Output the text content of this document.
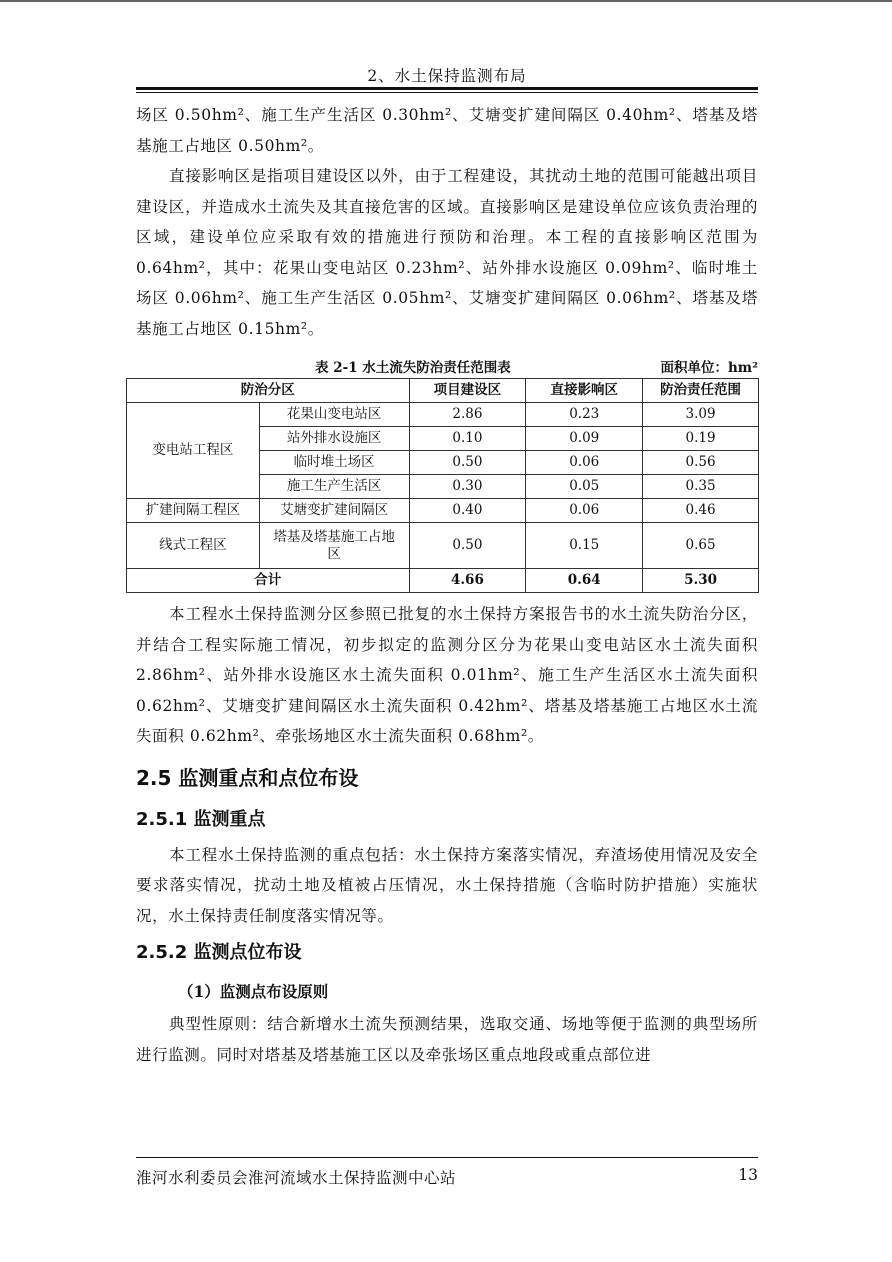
2、水土保持监测布局

场区 0.50hm²、施工生产生活区 0.30hm²、艾塘变扩建间隔区 0.40hm²、塔基及塔基施工占地区 0.50hm²。

直接影响区是指项目建设区以外，由于工程建设，其扰动土地的范围可能越出项目建设区，并造成水土流失及其直接危害的区域。直接影响区是建设单位应该负责治理的区域，建设单位应采取有效的措施进行预防和治理。本工程的直接影响区范围为 0.64hm²，其中：花果山变电站区 0.23hm²、站外排水设施区 0.09hm²、临时堆土场区 0.06hm²、施工生产生活区 0.05hm²、艾塘变扩建间隔区 0.06hm²、塔基及塔基施工占地区 0.15hm²。

表 2-1 水土流失防治责任范围表	面积单位：hm²
防治分区		项目建设区	直接影响区	防治责任范围
变电站工程区	花果山变电站区	2.86	0.23	3.09
	站外排水设施区	0.10	0.09	0.19
	临时堆土场区	0.50	0.06	0.56
	施工生产生活区	0.30	0.05	0.35
扩建间隔工程区	艾塘变扩建间隔区	0.40	0.06	0.46
线式工程区	塔基及塔基施工占地区	0.50	0.15	0.65
合计		4.66	0.64	5.30

本工程水土保持监测分区参照已批复的水土保持方案报告书的水土流失防治分区，并结合工程实际施工情况，初步拟定的监测分区分为花果山变电站区水土流失面积 2.86hm²、站外排水设施区水土流失面积 0.01hm²、施工生产生活区水土流失面积 0.62hm²、艾塘变扩建间隔区水土流失面积 0.42hm²、塔基及塔基施工占地区水土流失面积 0.62hm²、牵张场地区水土流失面积 0.68hm²。

2.5 监测重点和点位布设
2.5.1 监测重点

本工程水土保持监测的重点包括：水土保持方案落实情况，弃渣场使用情况及安全要求落实情况，扰动土地及植被占压情况，水土保持措施（含临时防护措施）实施状况，水土保持责任制度落实情况等。

2.5.2 监测点位布设
（1）监测点布设原则

典型性原则：结合新增水土流失预测结果，选取交通、场地等便于监测的典型场所进行监测。同时对塔基及塔基施工区以及牵张场区重点地段或重点部位进

淮河水利委员会淮河流域水土保持监测中心站	13
